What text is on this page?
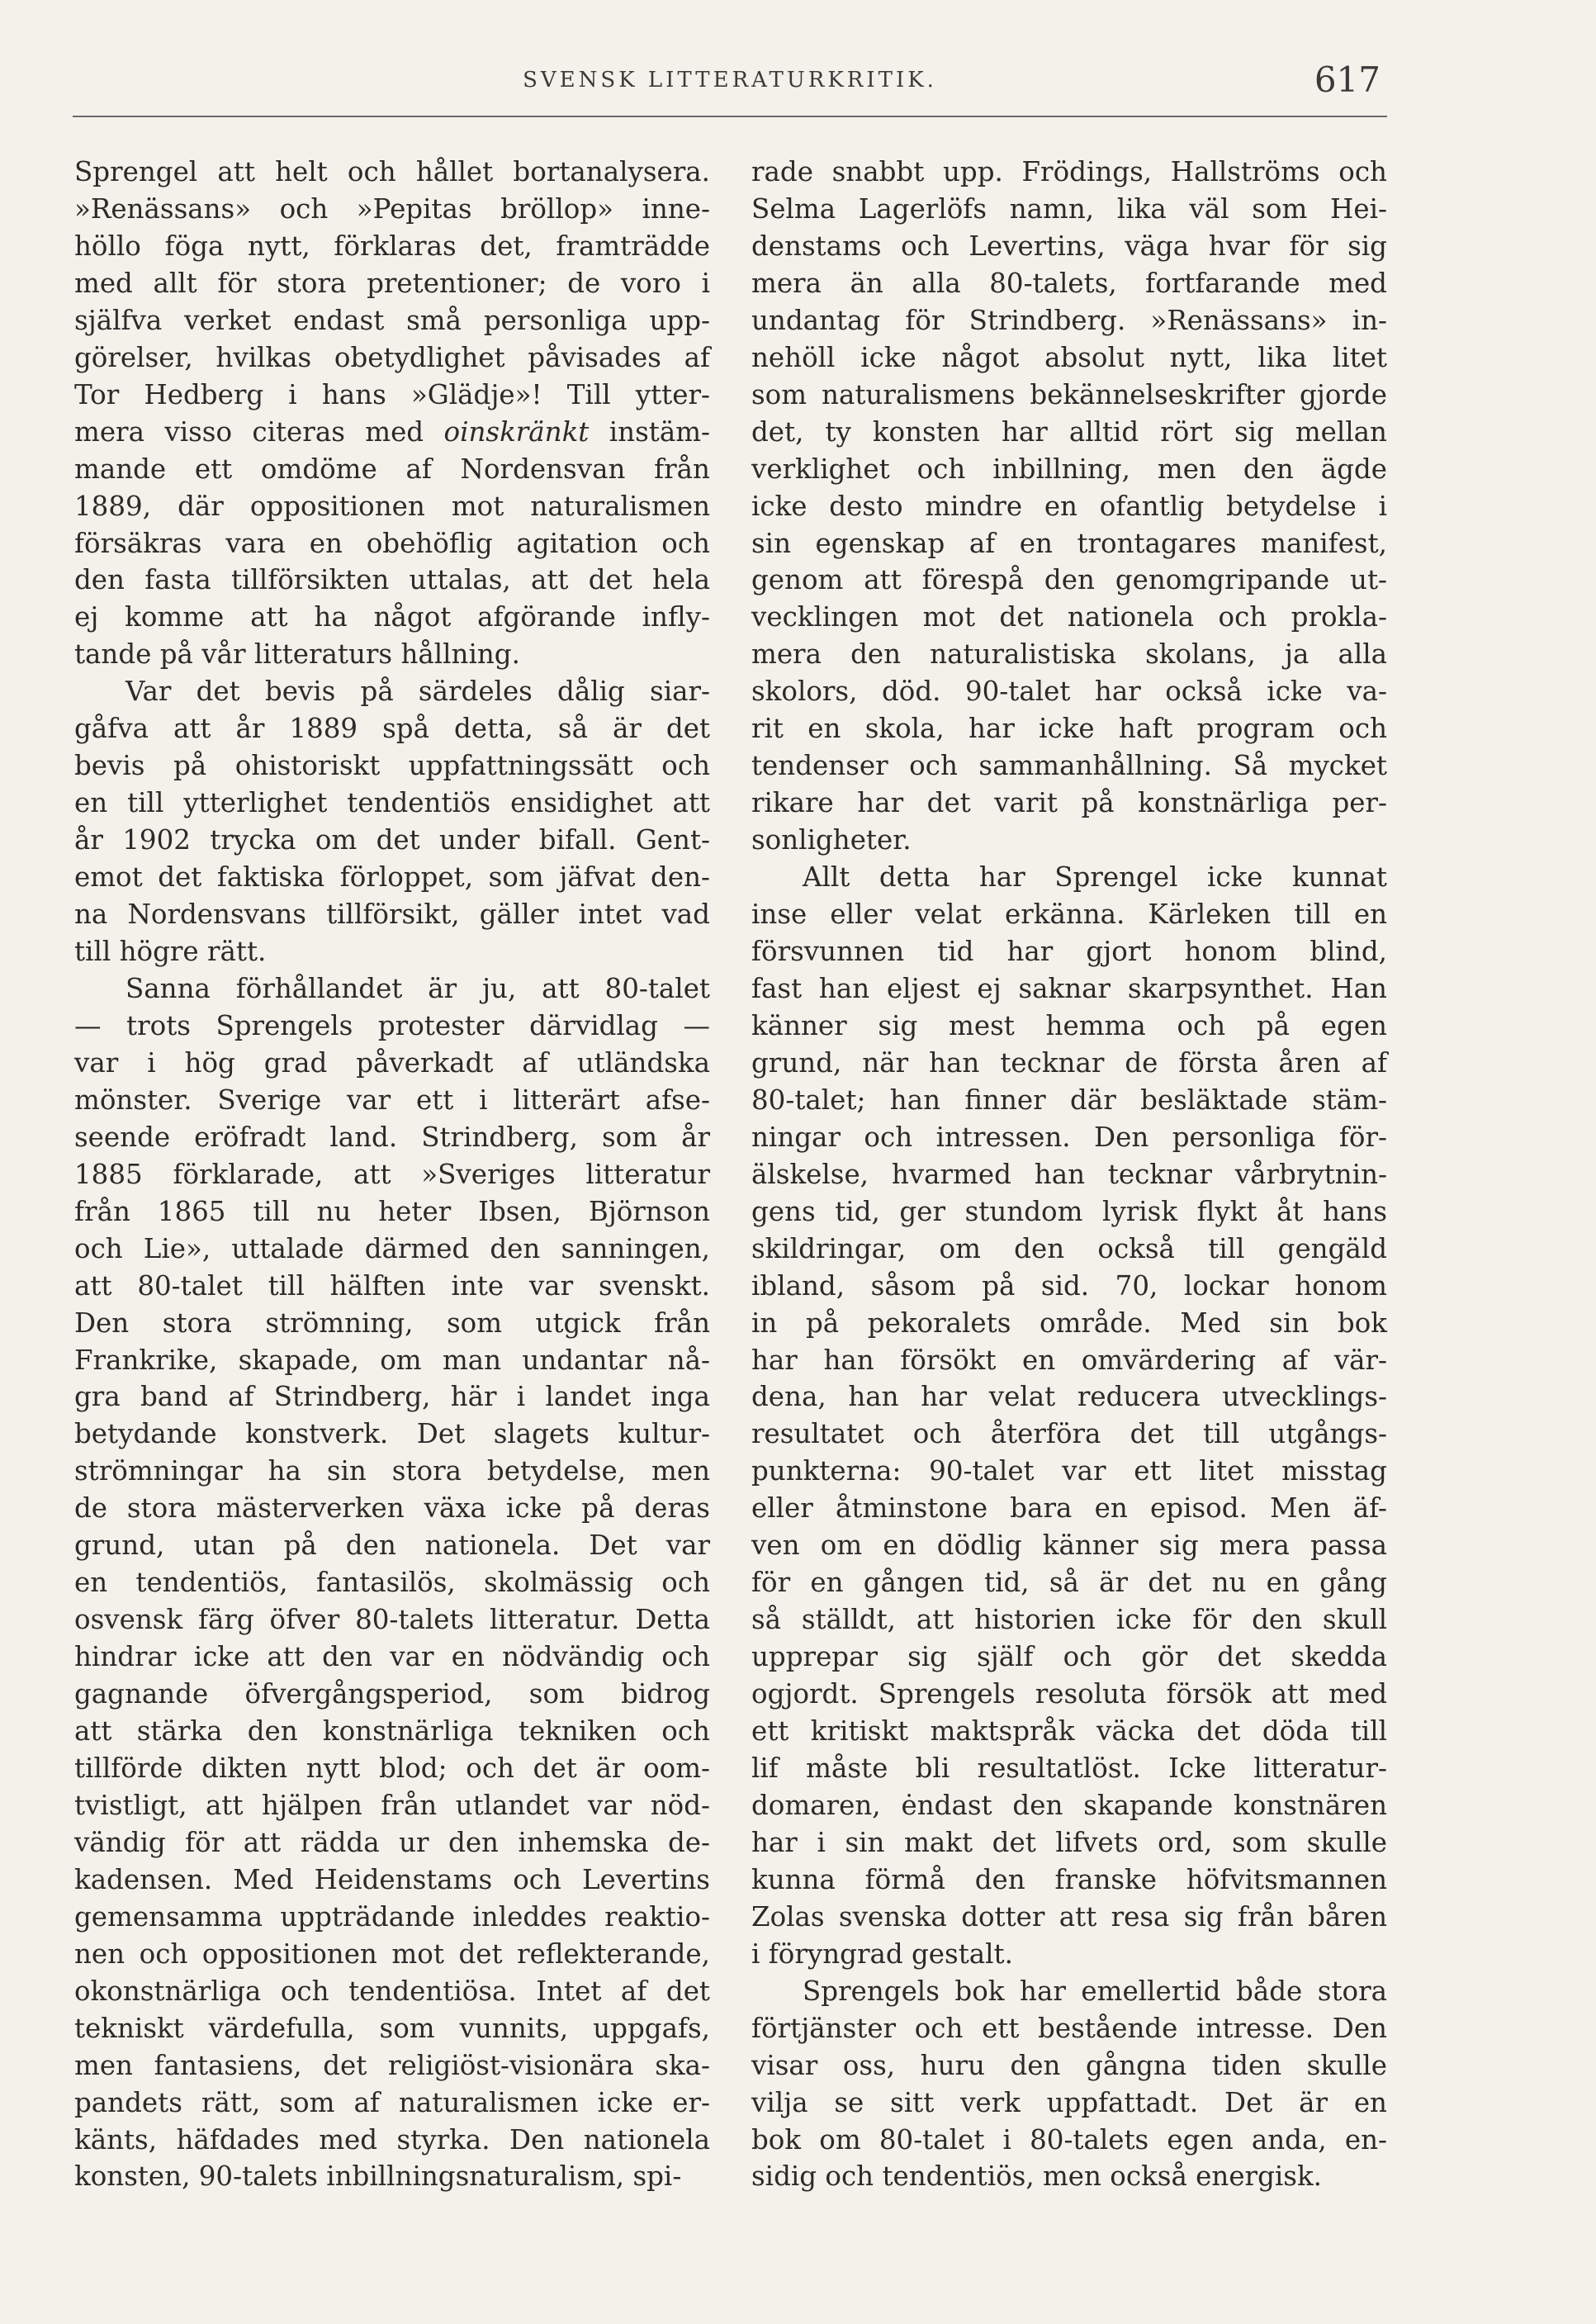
SVENSK LITTERATURKRITIK.	617

Sprengel att helt och hållet bortanalysera.
»Renässans» och »Pepitas bröllop» inne-
höllo föga nytt, förklaras det, framträdde
med allt för stora pretentioner; de voro i
själfva verket endast små personliga upp-
görelser, hvilkas obetydlighet påvisades af
Tor Hedberg i hans »Glädje»! Till ytter-
mera visso citeras med oinskränkt instäm-
mande ett omdöme af Nordensvan från
1889, där oppositionen mot naturalismen
försäkras vara en obehöflig agitation och
den fasta tillförsikten uttalas, att det hela
ej komme att ha något afgörande infly-
tande på vår litteraturs hållning.

Var det bevis på särdeles dålig siar-
gåfva att år 1889 spå detta, så är det
bevis på ohistoriskt uppfattningssätt och
en till ytterlighet tendentiös ensidighet att
år 1902 trycka om det under bifall. Gent-
emot det faktiska förloppet, som jäfvat den-
na Nordensvans tillförsikt, gäller intet vad
till högre rätt.

Sanna förhållandet är ju, att 80-talet
— trots Sprengels protester därvidlag —
var i hög grad påverkadt af utländska
mönster. Sverige var ett i litterärt afse-
seende eröfradt land. Strindberg, som år
1885 förklarade, att »Sveriges litteratur
från 1865 till nu heter Ibsen, Björnson
och Lie», uttalade därmed den sanningen,
att 80-talet till hälften inte var svenskt.
Den stora strömning, som utgick från
Frankrike, skapade, om man undantar nå-
gra band af Strindberg, här i landet inga
betydande konstverk. Det slagets kultur-
strömningar ha sin stora betydelse, men
de stora mästerverken växa icke på deras
grund, utan på den nationela. Det var
en tendentiös, fantasilös, skolmässig och
osvensk färg öfver 80-talets litteratur. Detta
hindrar icke att den var en nödvändig och
gagnande öfvergångsperiod, som bidrog
att stärka den konstnärliga tekniken och
tillförde dikten nytt blod; och det är oom-
tvistligt, att hjälpen från utlandet var nöd-
vändig för att rädda ur den inhemska de-
kadensen. Med Heidenstams och Levertins
gemensamma uppträdande inleddes reaktio-
nen och oppositionen mot det reflekterande,
okonstnärliga och tendentiösa. Intet af det
tekniskt värdefulla, som vunnits, uppgafs,
men fantasiens, det religiöst-visionära ska-
pandets rätt, som af naturalismen icke er-
känts, häfdades med styrka. Den nationela
konsten, 90-talets inbillningsnaturalism, spi-

rade snabbt upp. Frödings, Hallströms och
Selma Lagerlöfs namn, lika väl som Hei-
denstams och Levertins, väga hvar för sig
mera än alla 80-talets, fortfarande med
undantag för Strindberg. »Renässans» in-
nehöll icke något absolut nytt, lika litet
som naturalismens bekännelseskrifter gjorde
det, ty konsten har alltid rört sig mellan
verklighet och inbillning, men den ägde
icke desto mindre en ofantlig betydelse i
sin egenskap af en trontagares manifest,
genom att förespå den genomgripande ut-
vecklingen mot det nationela och prokla-
mera den naturalistiska skolans, ja alla
skolors, död. 90-talet har också icke va-
rit en skola, har icke haft program och
tendenser och sammanhållning. Så mycket
rikare har det varit på konstnärliga per-
sonligheter.

Allt detta har Sprengel icke kunnat
inse eller velat erkänna. Kärleken till en
försvunnen tid har gjort honom blind,
fast han eljest ej saknar skarpsynthet. Han
känner sig mest hemma och på egen
grund, när han tecknar de första åren af
80-talet; han finner där besläktade stäm-
ningar och intressen. Den personliga för-
älskelse, hvarmed han tecknar vårbrytnin-
gens tid, ger stundom lyrisk flykt åt hans
skildringar, om den också till gengäld
ibland, såsom på sid. 70, lockar honom
in på pekoralets område. Med sin bok
har han försökt en omvärdering af vär-
dena, han har velat reducera utvecklings-
resultatet och återföra det till utgångs-
punkterna: 90-talet var ett litet misstag
eller åtminstone bara en episod. Men äf-
ven om en dödlig känner sig mera passa
för en gången tid, så är det nu en gång
så ställdt, att historien icke för den skull
upprepar sig själf och gör det skedda
ogjordt. Sprengels resoluta försök att med
ett kritiskt maktspråk väcka det döda till
lif måste bli resultatlöst. Icke litteratur-
domaren, ėndast den skapande konstnären
har i sin makt det lifvets ord, som skulle
kunna förmå den franske höfvitsmannen
Zolas svenska dotter att resa sig från båren
i föryngrad gestalt.

Sprengels bok har emellertid både stora
förtjänster och ett bestående intresse. Den
visar oss, huru den gångna tiden skulle
vilja se sitt verk uppfattadt. Det är en
bok om 80-talet i 80-talets egen anda, en-
sidig och tendentiös, men också energisk.
